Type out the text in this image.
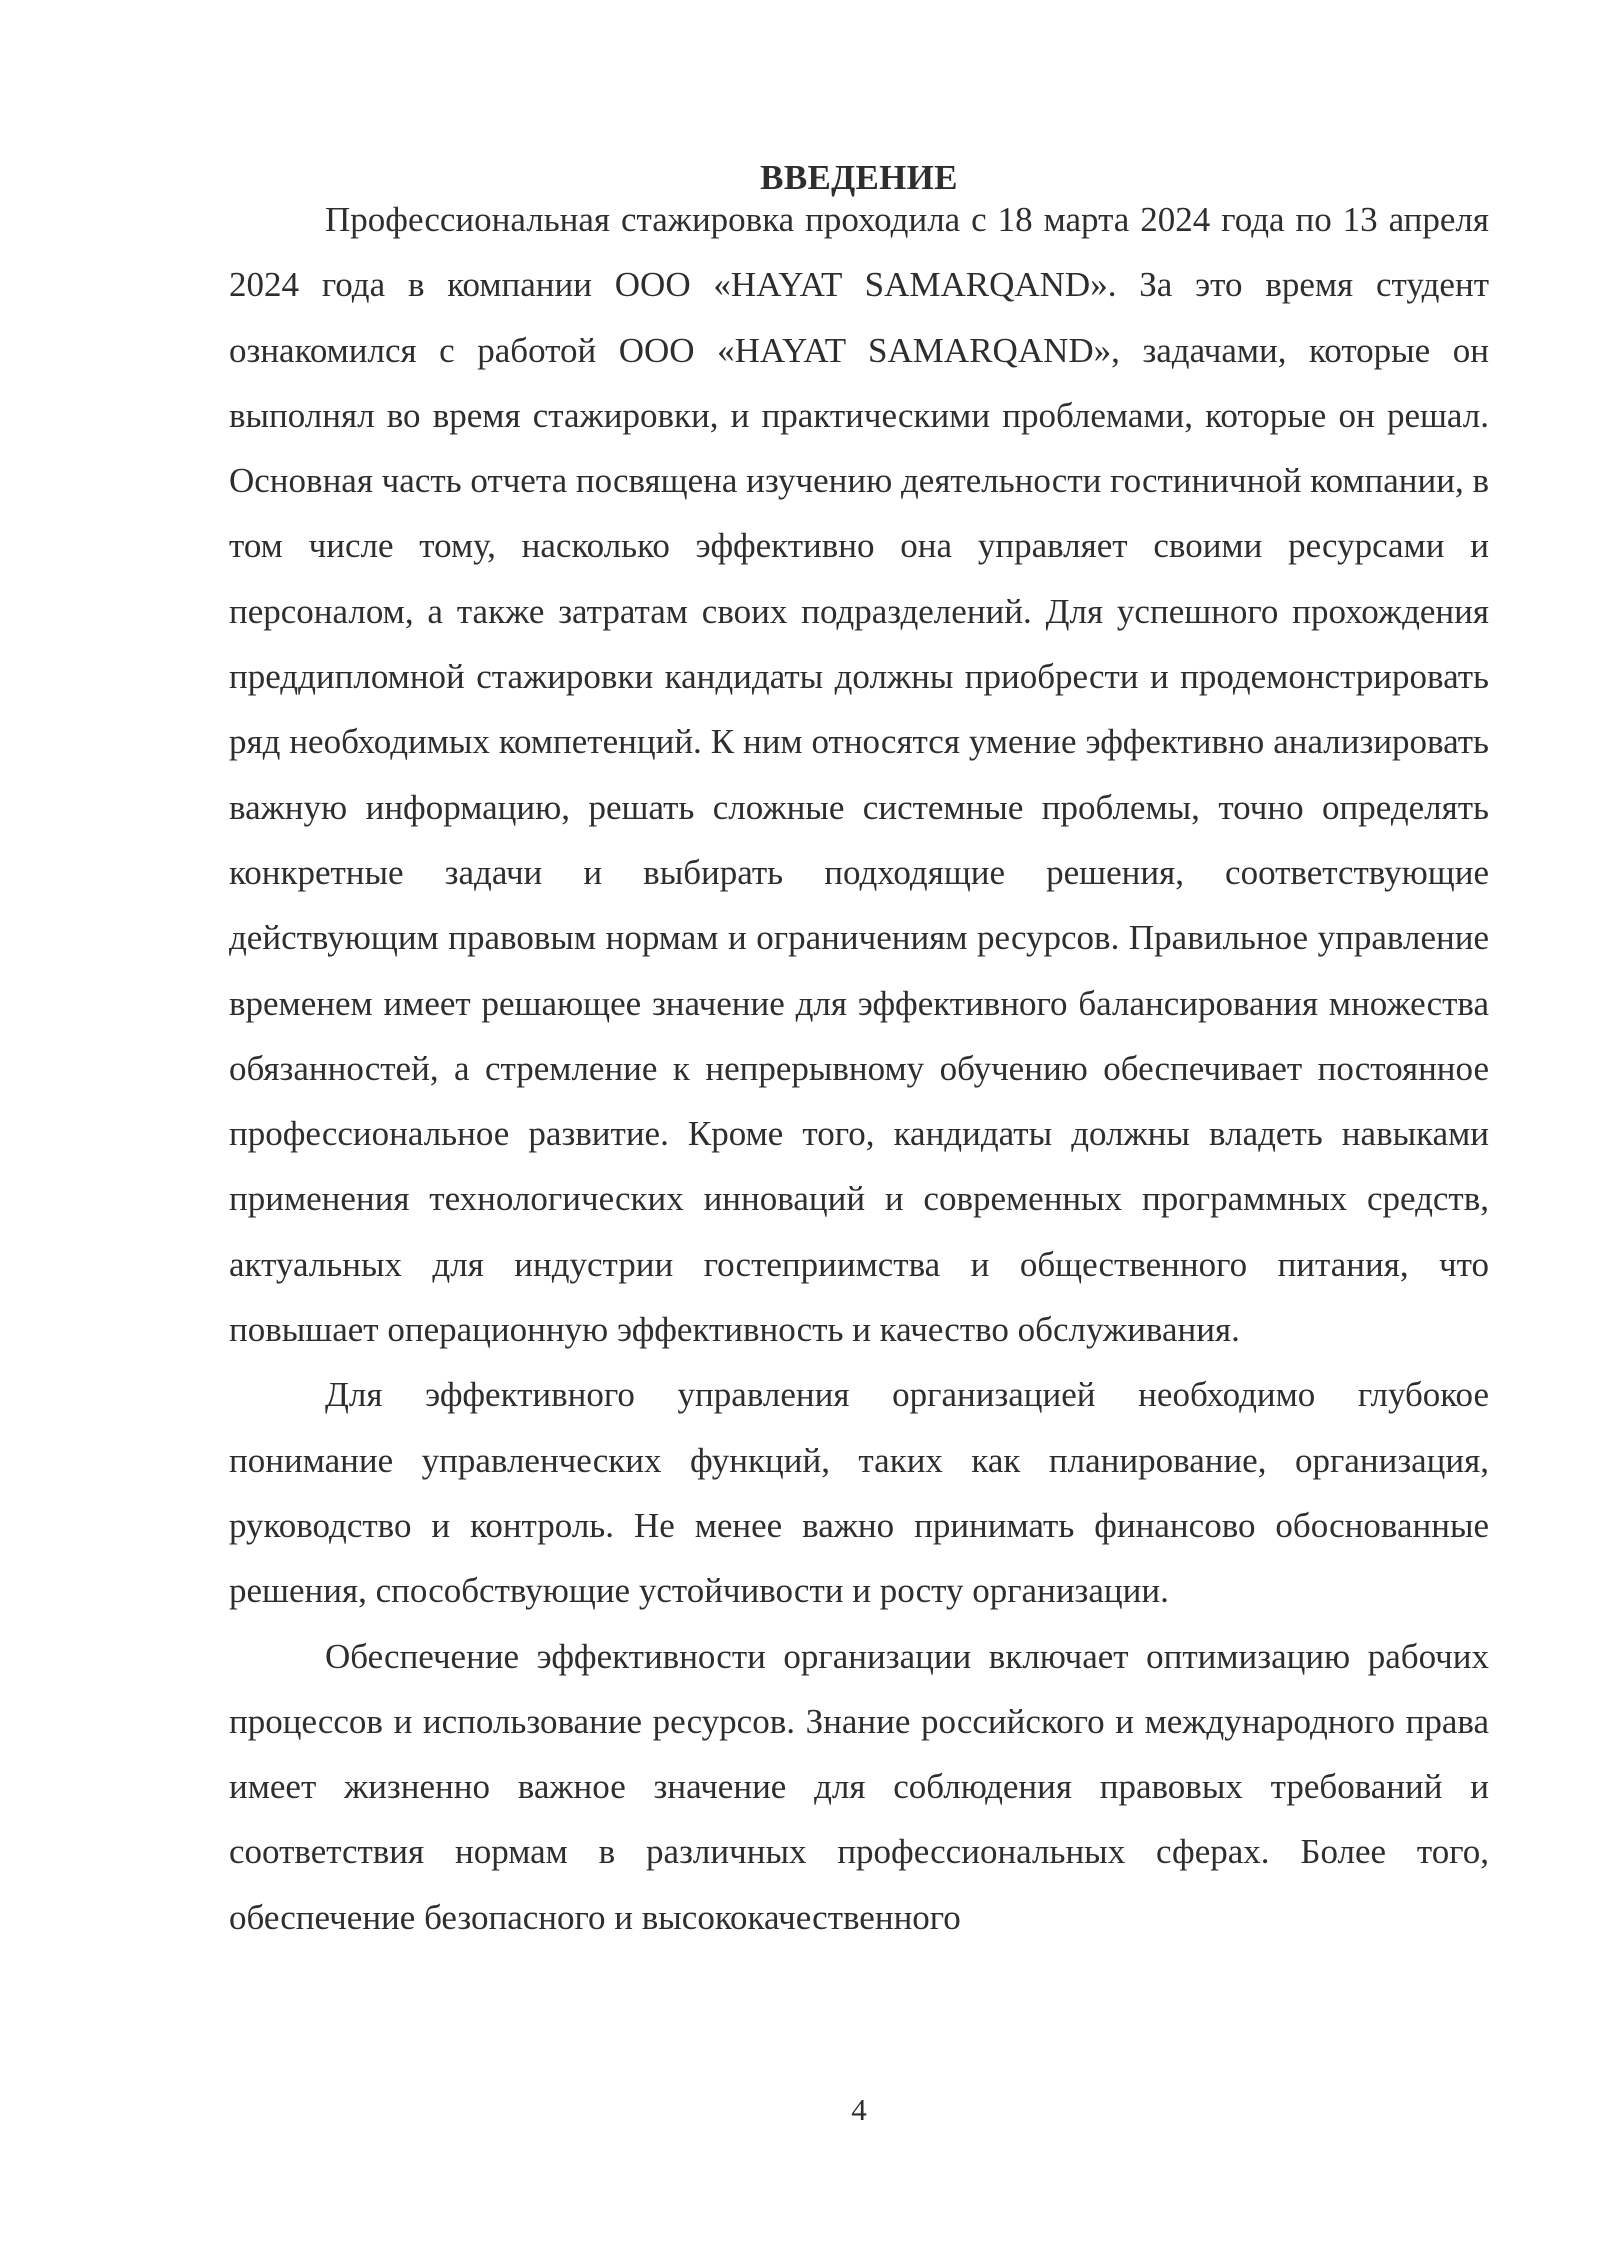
ВВЕДЕНИЕ

Профессиональная стажировка проходила с 18 марта 2024 года по 13 апреля 2024 года в компании ООО «HAYAT SAMARQAND». За это время студент ознакомился с работой ООО «HAYAT SAMARQAND», задачами, которые он выполнял во время стажировки, и практическими проблемами, которые он решал. Основная часть отчета посвящена изучению деятельности гостиничной компании, в том числе тому, насколько эффективно она управляет своими ресурсами и персоналом, а также затратам своих подразделений. Для успешного прохождения преддипломной стажировки кандидаты должны приобрести и продемонстрировать ряд необходимых компетенций. К ним относятся умение эффективно анализировать важную информацию, решать сложные системные проблемы, точно определять конкретные задачи и выбирать подходящие решения, соответствующие действующим правовым нормам и ограничениям ресурсов. Правильное управление временем имеет решающее значение для эффективного балансирования множества обязанностей, а стремление к непрерывному обучению обеспечивает постоянное профессиональное развитие. Кроме того, кандидаты должны владеть навыками применения технологических инноваций и современных программных средств, актуальных для индустрии гостеприимства и общественного питания, что повышает операционную эффективность и качество обслуживания.

Для эффективного управления организацией необходимо глубокое понимание управленческих функций, таких как планирование, организация, руководство и контроль. Не менее важно принимать финансово обоснованные решения, способствующие устойчивости и росту организации.

Обеспечение эффективности организации включает оптимизацию рабочих процессов и использование ресурсов. Знание российского и международного права имеет жизненно важное значение для соблюдения правовых требований и соответствия нормам в различных профессиональных сферах. Более того, обеспечение безопасного и высококачественного

4
